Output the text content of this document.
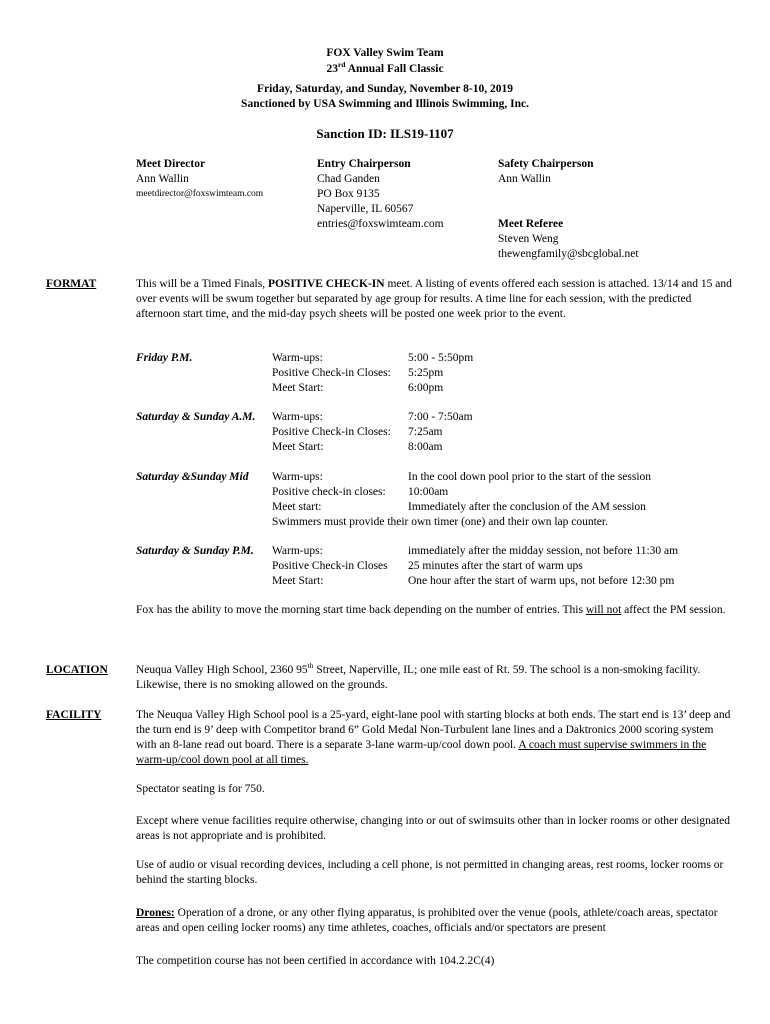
FOX Valley Swim Team
23rd Annual Fall Classic
Friday, Saturday, and Sunday, November 8-10, 2019
Sanctioned by USA Swimming and Illinois Swimming, Inc.
Sanction ID: ILS19-1107
Meet Director
Ann Wallin
meetdirector@foxswimteam.com
Entry Chairperson
Chad Ganden
PO Box 9135
Naperville, IL 60567
entries@foxswimteam.com
Safety Chairperson
Ann Wallin
Meet Referee
Steven Weng
thewengfamily@sbcglobal.net
FORMAT	This will be a Timed Finals, POSITIVE CHECK-IN meet. A listing of events offered each session is attached. 13/14 and 15 and over events will be swum together but separated by age group for results. A time line for each session, with the predicted afternoon start time, and the mid-day psych sheets will be posted one week prior to the event.

Friday P.M.	Warm-ups:	5:00 - 5:50pm
Positive Check-in Closes: 5:25pm
Meet Start:	6:00pm
Saturday & Sunday A.M. Warm-ups:	7:00 - 7:50am
Positive Check-in Closes: 7:25am
Meet Start:	8:00am
Saturday &Sunday Mid Warm-ups:	In the cool down pool prior to the start of the session
Positive check-in closes: 10:00am
Meet start:	Immediately after the conclusion of the AM session
Swimmers must provide their own timer (one) and their own lap counter.
Saturday & Sunday P.M. Warm-ups:	immediately after the midday session, not before 11:30 am
Positive Check-in Closes 25 minutes after the start of warm ups
Meet Start:	One hour after the start of warm ups, not before 12:30 pm

Fox has the ability to move the morning start time back depending on the number of entries. This will not affect the PM session.

LOCATION Neuqua Valley High School, 2360 95th Street, Naperville, IL; one mile east of Rt. 59. The school is a non-smoking facility. Likewise, there is no smoking allowed on the grounds.

FACILITY	The Neuqua Valley High School pool is a 25-yard, eight-lane pool with starting blocks at both ends. The start end is 13’ deep and the turn end is 9’ deep with Competitor brand 6” Gold Medal Non-Turbulent lane lines and a Daktronics 2000 scoring system with an 8-lane read out board. There is a separate 3-lane warm-up/cool down pool. A coach must supervise swimmers in the warm-up/cool down pool at all times.

Spectator seating is for 750.

Except where venue facilities require otherwise, changing into or out of swimsuits other than in locker rooms or other designated areas is not appropriate and is prohibited.

Use of audio or visual recording devices, including a cell phone, is not permitted in changing areas, rest rooms, locker rooms or behind the starting blocks.

Drones: Operation of a drone, or any other flying apparatus, is prohibited over the venue (pools, athlete/coach areas, spectator areas and open ceiling locker rooms) any time athletes, coaches, officials and/or spectators are present

The competition course has not been certified in accordance with 104.2.2C(4)
